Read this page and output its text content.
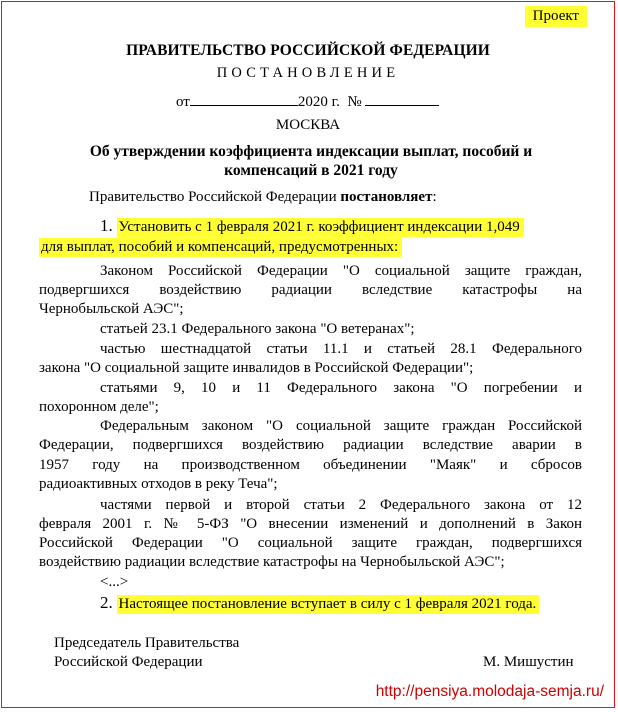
Проект
ПРАВИТЕЛЬСТВО РОССИЙСКОЙ ФЕДЕРАЦИИ
ПОСТАНОВЛЕНИЕ
от	2020 г. №
МОСКВА
Об утверждении коэффициента индексации выплат, пособий и компенсаций в 2021 году
Правительство Российской Федерации постановляет:
1. Установить с 1 февраля 2021 г. коэффициент индексации 1,049
для выплат, пособий и компенсаций, предусмотренных:
Законом Российской Федерации "О социальной защите граждан,
подвергшихся воздействию радиации вследствие катастрофы на
Чернобыльской АЭС";
статьей 23.1 Федерального закона "О ветеранах";
частью шестнадцатой статьи 11.1 и статьей 28.1 Федерального
закона "О социальной защите инвалидов в Российской Федерации";
статьями 9, 10 и 11 Федерального закона "О погребении и
похоронном деле";
Федеральным законом "О социальной защите граждан Российской
Федерации, подвергшихся воздействию радиации вследствие аварии в
1957 году на производственном объединении "Маяк" и сбросов
радиоактивных отходов в реку Теча";
частями первой и второй статьи 2 Федерального закона от 12
февраля 2001 г. № 5-ФЗ "О внесении изменений и дополнений в Закон
Российской Федерации "О социальной защите граждан, подвергшихся
воздействию радиации вследствие катастрофы на Чернобыльской АЭС";
<...>
2. Настоящее постановление вступает в силу с 1 февраля 2021 года.
Председатель Правительства
Российской Федерации	М. Мишустин
http://pensiya.molodaja-semja.ru/
